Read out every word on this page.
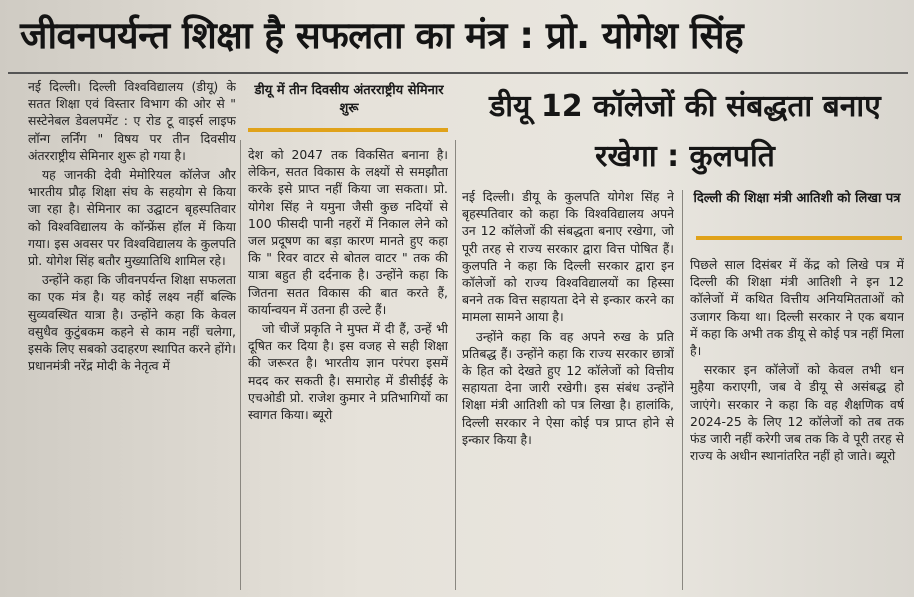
जीवनपर्यन्त शिक्षा है सफलता का मंत्र : प्रो. योगेश सिंह

नई दिल्ली। दिल्ली विश्वविद्यालय (डीयू) के सतत शिक्षा एवं विस्तार विभाग की ओर से " सस्टेनेबल डेवलपमेंट : ए रोड टू वाइर्स लाइफ लॉन्ग लर्निंग " विषय पर तीन दिवसीय अंतरराष्ट्रीय सेमिनार शुरू हो गया है।

यह जानकी देवी मेमोरियल कॉलेज और भारतीय प्रौढ़ शिक्षा संघ के सहयोग से किया जा रहा है। सेमिनार का उद्घाटन बृहस्पतिवार को विश्वविद्यालय के कॉन्फ्रेंस हॉल में किया गया। इस अवसर पर विश्वविद्यालय के कुलपति प्रो. योगेश सिंह बतौर मुख्यातिथि शामिल रहे।

उन्होंने कहा कि जीवनपर्यन्त शिक्षा सफलता का एक मंत्र है। यह कोई लक्ष्य नहीं बल्कि सुव्यवस्थित यात्रा है। उन्होंने कहा कि केवल वसुधैव कुटुंबकम कहने से काम नहीं चलेगा, इसके लिए सबको उदाहरण स्थापित करने होंगे। प्रधानमंत्री नरेंद्र मोदी के नेतृत्व में

डीयू में तीन दिवसीय अंतरराष्ट्रीय सेमिनार शुरू

देश को 2047 तक विकसित बनाना है। लेकिन, सतत विकास के लक्ष्यों से समझौता करके इसे प्राप्त नहीं किया जा सकता। प्रो. योगेश सिंह ने यमुना जैसी कुछ नदियों से 100 फीसदी पानी नहरों में निकाल लेने को जल प्रदूषण का बड़ा कारण मानते हुए कहा कि " रिवर वाटर से बोतल वाटर " तक की यात्रा बहुत ही दर्दनाक है। उन्होंने कहा कि जितना सतत विकास की बात करते हैं, कार्यान्वयन में उतना ही उल्टे हैं।

जो चीजें प्रकृति ने मुफ्त में दी हैं, उन्हें भी दूषित कर दिया है। इस वजह से सही शिक्षा की जरूरत है। भारतीय ज्ञान परंपरा इसमें मदद कर सकती है। समारोह में डीसीईई के एचओडी प्रो. राजेश कुमार ने प्रतिभागियों का स्वागत किया। ब्यूरो

डीयू 12 कॉलेजों की संबद्धता बनाए रखेगा : कुलपति

नई दिल्ली। डीयू के कुलपति योगेश सिंह ने बृहस्पतिवार को कहा कि विश्वविद्यालय अपने उन 12 कॉलेजों की संबद्धता बनाए रखेगा, जो पूरी तरह से राज्य सरकार द्वारा वित्त पोषित हैं। कुलपति ने कहा कि दिल्ली सरकार द्वारा इन कॉलेजों को राज्य विश्वविद्यालयों का हिस्सा बनने तक वित्त सहायता देने से इन्कार करने का मामला सामने आया है।

उन्होंने कहा कि वह अपने रुख के प्रति प्रतिबद्ध हैं। उन्होंने कहा कि राज्य सरकार छात्रों के हित को देखते हुए 12 कॉलेजों को वित्तीय सहायता देना जारी रखेगी। इस संबंध उन्होंने शिक्षा मंत्री आतिशी को पत्र लिखा है। हालांकि, दिल्ली सरकार ने ऐसा कोई पत्र प्राप्त होने से इन्कार किया है।

दिल्ली की शिक्षा मंत्री आतिशी को लिखा पत्र

पिछले साल दिसंबर में केंद्र को लिखे पत्र में दिल्ली की शिक्षा मंत्री आतिशी ने इन 12 कॉलेजों में कथित वित्तीय अनियमितताओं को उजागर किया था। दिल्ली सरकार ने एक बयान में कहा कि अभी तक डीयू से कोई पत्र नहीं मिला है।

सरकार इन कॉलेजों को केवल तभी धन मुहैया कराएगी, जब वे डीयू से असंबद्ध हो जाएंगे। सरकार ने कहा कि वह शैक्षणिक वर्ष 2024-25 के लिए 12 कॉलेजों को तब तक फंड जारी नहीं करेगी जब तक कि वे पूरी तरह से राज्य के अधीन स्थानांतरित नहीं हो जाते। ब्यूरो
